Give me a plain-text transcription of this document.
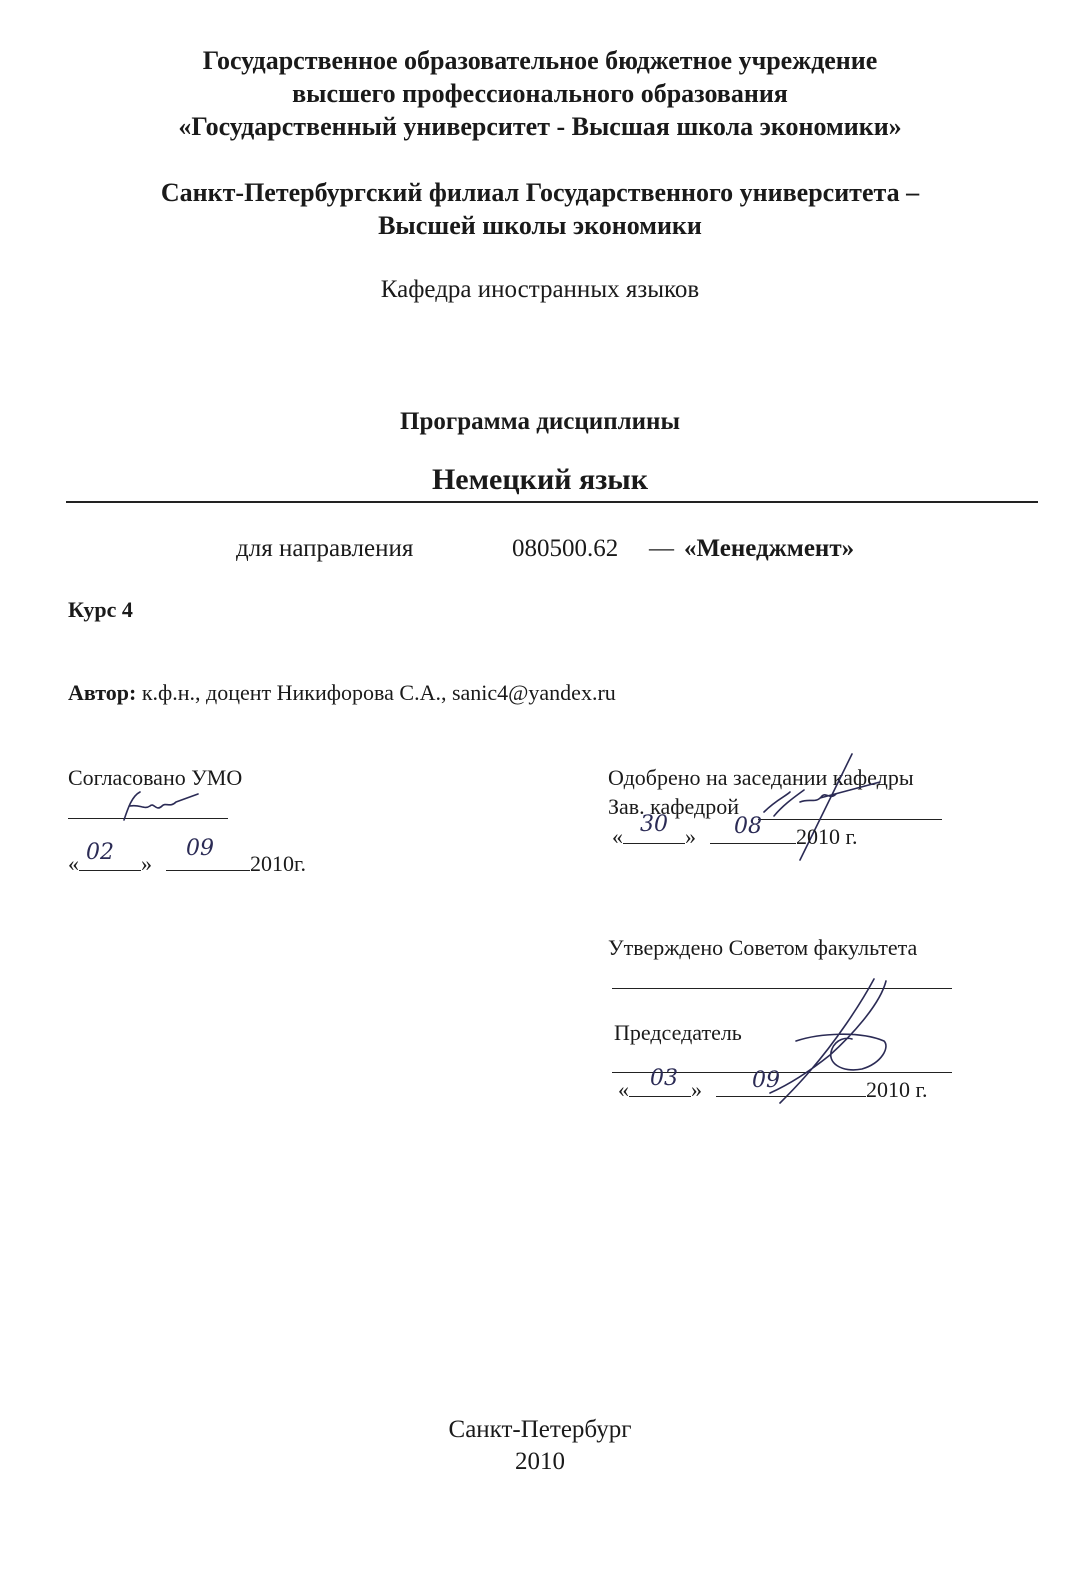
Государственное образовательное бюджетное учреждение
высшего профессионального образования
«Государственный университет - Высшая школа экономики»
Санкт-Петербургский филиал Государственного университета –
Высшей школы экономики
Кафедра иностранных языков
Программа дисциплины
Немецкий язык
для направления	080500.62 — «Менеджмент»
Курс 4
Автор: к.ф.н., доцент Никифорова С.А., sanic4@yandex.ru
Согласовано УМО
«	»	2010г.
02	09
Одобрено на заседании кафедры
Зав. кафедрой
«	»	2010 г.
30	08
Утверждено Советом факультета
Председатель
«	»	2010 г.
03	09
Санкт-Петербург
2010
